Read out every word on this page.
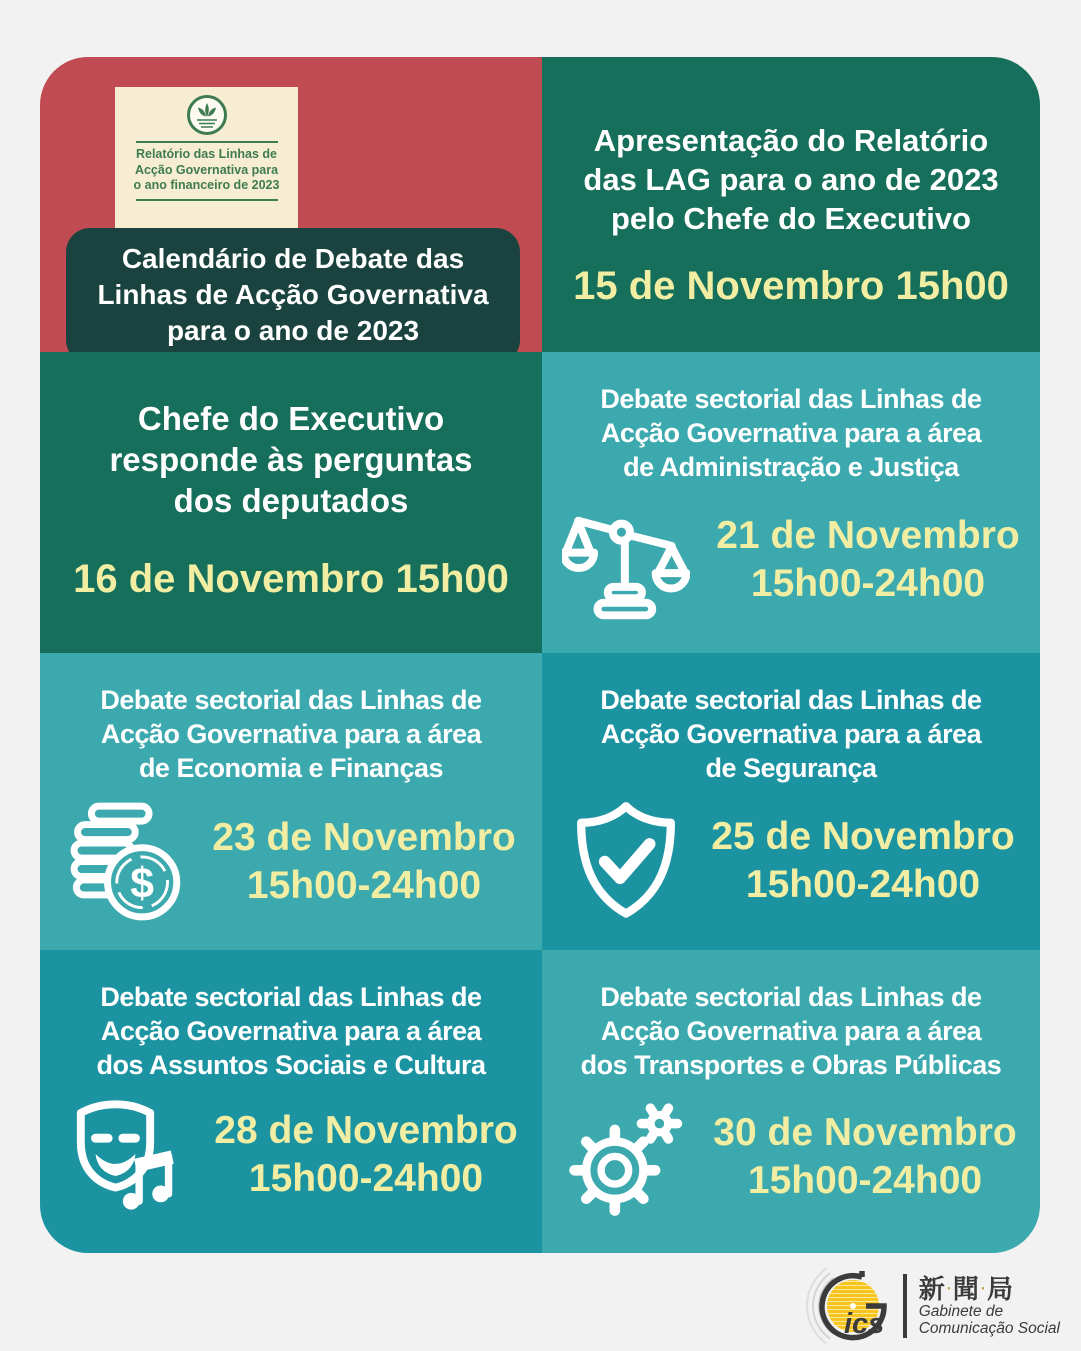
Relatório das Linhas de
Acção Governativa para
o ano financeiro de 2023
Calendário de Debate das
Linhas de Acção Governativa
para o ano de 2023
Apresentação do Relatório
das LAG para o ano de 2023
pelo Chefe do Executivo
15 de Novembro 15h00
Chefe do Executivo
responde às perguntas
dos deputados
16 de Novembro 15h00
Debate sectorial das Linhas de
Acção Governativa para a área
de Administração e Justiça
21 de Novembro
15h00-24h00
Debate sectorial das Linhas de
Acção Governativa para a área
de Economia e Finanças
$
23 de Novembro
15h00-24h00
Debate sectorial das Linhas de
Acção Governativa para a área
de Segurança
25 de Novembro
15h00-24h00
Debate sectorial das Linhas de
Acção Governativa para a área
dos Assuntos Sociais e Cultura
28 de Novembro
15h00-24h00
Debate sectorial das Linhas de
Acção Governativa para a área
dos Transportes e Obras Públicas
30 de Novembro
15h00-24h00
ics
新 ‧ 聞 ‧ 局
Gabinete de
Comunicação Social
